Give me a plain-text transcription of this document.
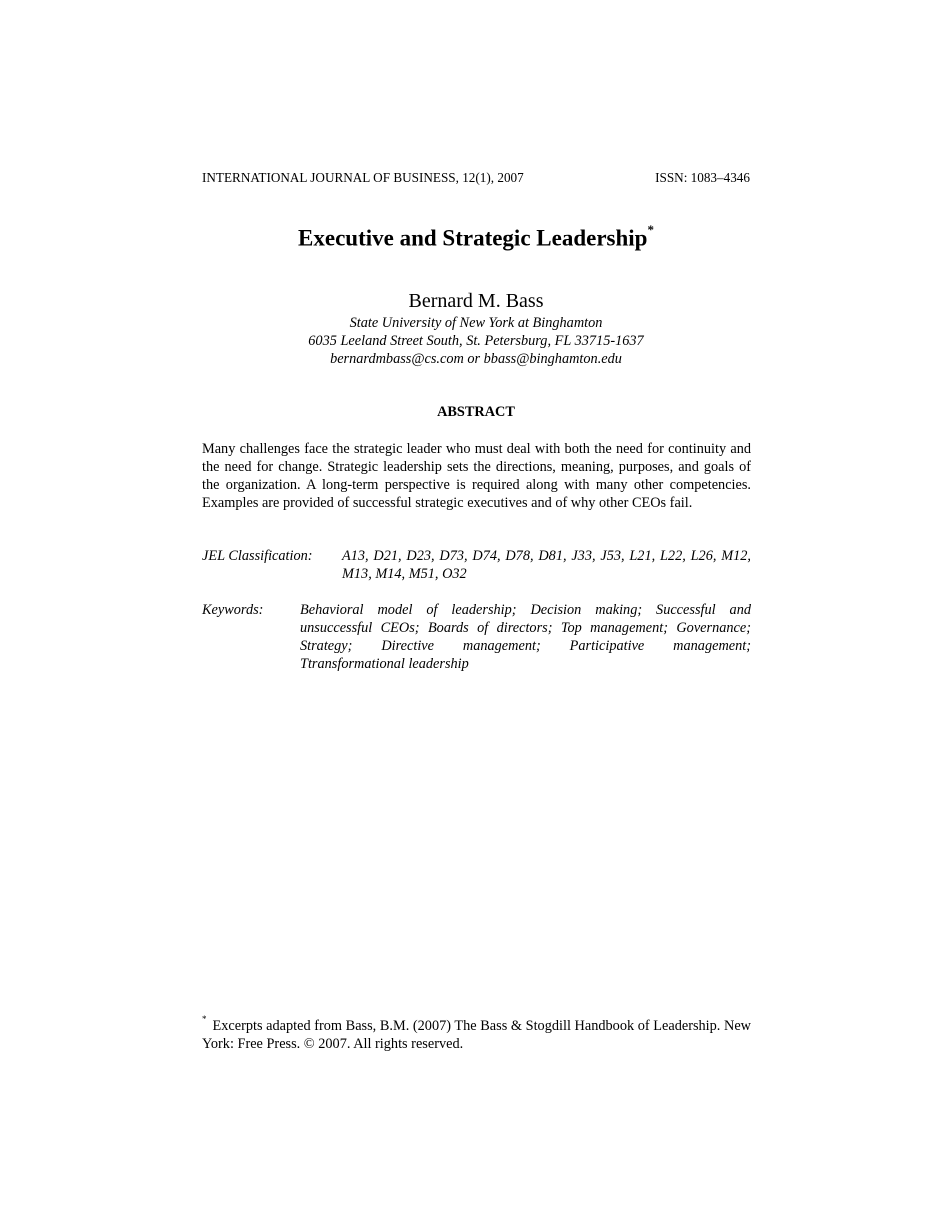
INTERNATIONAL JOURNAL OF BUSINESS, 12(1), 2007	ISSN: 1083–4346
Executive and Strategic Leadership*
Bernard M. Bass
State University of New York at Binghamton
6035 Leeland Street South, St. Petersburg, FL 33715-1637
bernardmbass@cs.com or bbass@binghamton.edu
ABSTRACT

Many challenges face the strategic leader who must deal with both the need for continuity and the need for change. Strategic leadership sets the directions, meaning, purposes, and goals of the organization. A long-term perspective is required along with many other competencies. Examples are provided of successful strategic executives and of why other CEOs fail.

JEL Classification: A13, D21, D23, D73, D74, D78, D81, J33, J53, L21, L22, L26, M12, M13, M14, M51, O32
Keywords:	Behavioral model of leadership; Decision making; Successful and unsuccessful CEOs; Boards of directors; Top management; Governance; Strategy; Directive management; Participative management; Ttransformational leadership

* Excerpts adapted from Bass, B.M. (2007) The Bass & Stogdill Handbook of Leadership. New York: Free Press. © 2007. All rights reserved.
